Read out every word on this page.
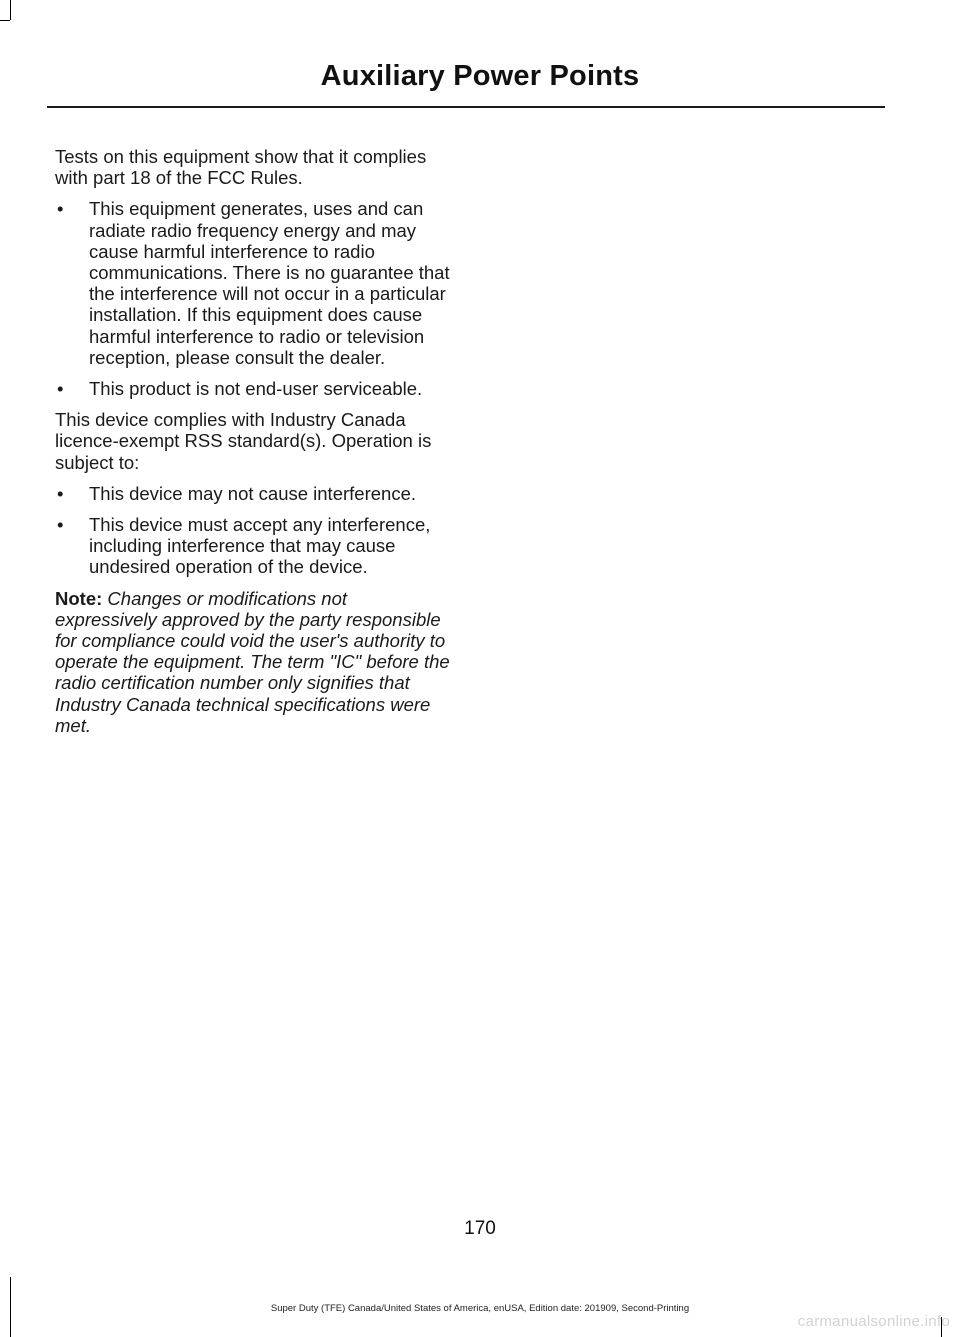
Auxiliary Power Points

Tests on this equipment show that it complies with part 18 of the FCC Rules.

• This equipment generates, uses and can radiate radio frequency energy and may cause harmful interference to radio communications. There is no guarantee that the interference will not occur in a particular installation. If this equipment does cause harmful interference to radio or television reception, please consult the dealer.
• This product is not end-user serviceable.

This device complies with Industry Canada licence-exempt RSS standard(s). Operation is subject to:

• This device may not cause interference.
• This device must accept any interference, including interference that may cause undesired operation of the device.

Note: Changes or modifications not expressively approved by the party responsible for compliance could void the user's authority to operate the equipment. The term "IC" before the radio certification number only signifies that Industry Canada technical specifications were met.

170
Super Duty (TFE) Canada/United States of America, enUSA, Edition date: 201909, Second-Printing
carmanualsonline.info
